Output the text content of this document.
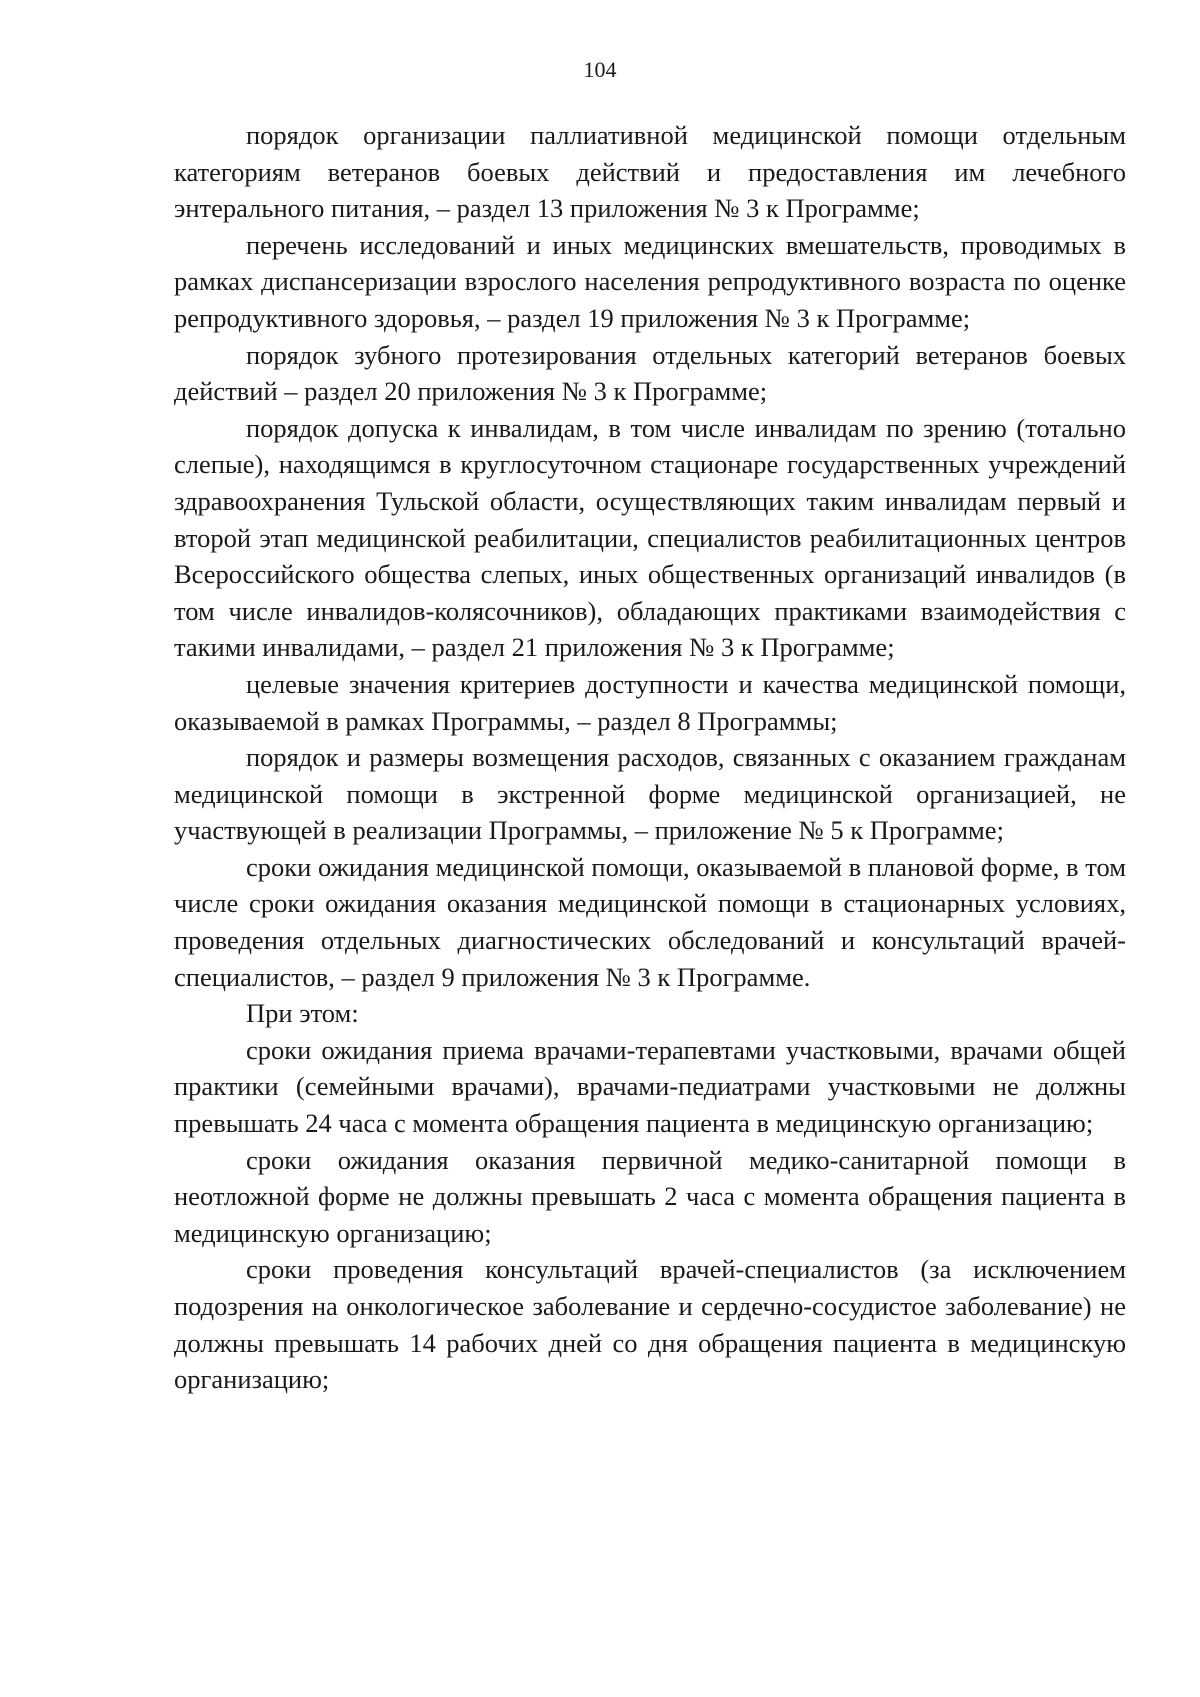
104

порядок организации паллиативной медицинской помощи отдельным категориям ветеранов боевых действий и предоставления им лечебного энтерального питания, – раздел 13 приложения № 3 к Программе;

перечень исследований и иных медицинских вмешательств, проводимых в рамках диспансеризации взрослого населения репродуктивного возраста по оценке репродуктивного здоровья, – раздел 19 приложения № 3 к Программе;

порядок зубного протезирования отдельных категорий ветеранов боевых действий – раздел 20 приложения № 3 к Программе;

порядок допуска к инвалидам, в том числе инвалидам по зрению (тотально слепые), находящимся в круглосуточном стационаре государственных учреждений здравоохранения Тульской области, осуществляющих таким инвалидам первый и второй этап медицинской реабилитации, специалистов реабилитационных центров Всероссийского общества слепых, иных общественных организаций инвалидов (в том числе инвалидов-колясочников), обладающих практиками взаимодействия с такими инвалидами, – раздел 21 приложения № 3 к Программе;

целевые значения критериев доступности и качества медицинской помощи, оказываемой в рамках Программы, – раздел 8 Программы;

порядок и размеры возмещения расходов, связанных с оказанием гражданам медицинской помощи в экстренной форме медицинской организацией, не участвующей в реализации Программы, – приложение № 5 к Программе;

сроки ожидания медицинской помощи, оказываемой в плановой форме, в том числе сроки ожидания оказания медицинской помощи в стационарных условиях, проведения отдельных диагностических обследований и консультаций врачей-специалистов, – раздел 9 приложения № 3 к Программе.

При этом:

сроки ожидания приема врачами-терапевтами участковыми, врачами общей практики (семейными врачами), врачами-педиатрами участковыми не должны превышать 24 часа с момента обращения пациента в медицинскую организацию;

сроки ожидания оказания первичной медико-санитарной помощи в неотложной форме не должны превышать 2 часа с момента обращения пациента в медицинскую организацию;

сроки проведения консультаций врачей-специалистов (за исключением подозрения на онкологическое заболевание и сердечно-сосудистое заболевание) не должны превышать 14 рабочих дней со дня обращения пациента в медицинскую организацию;
